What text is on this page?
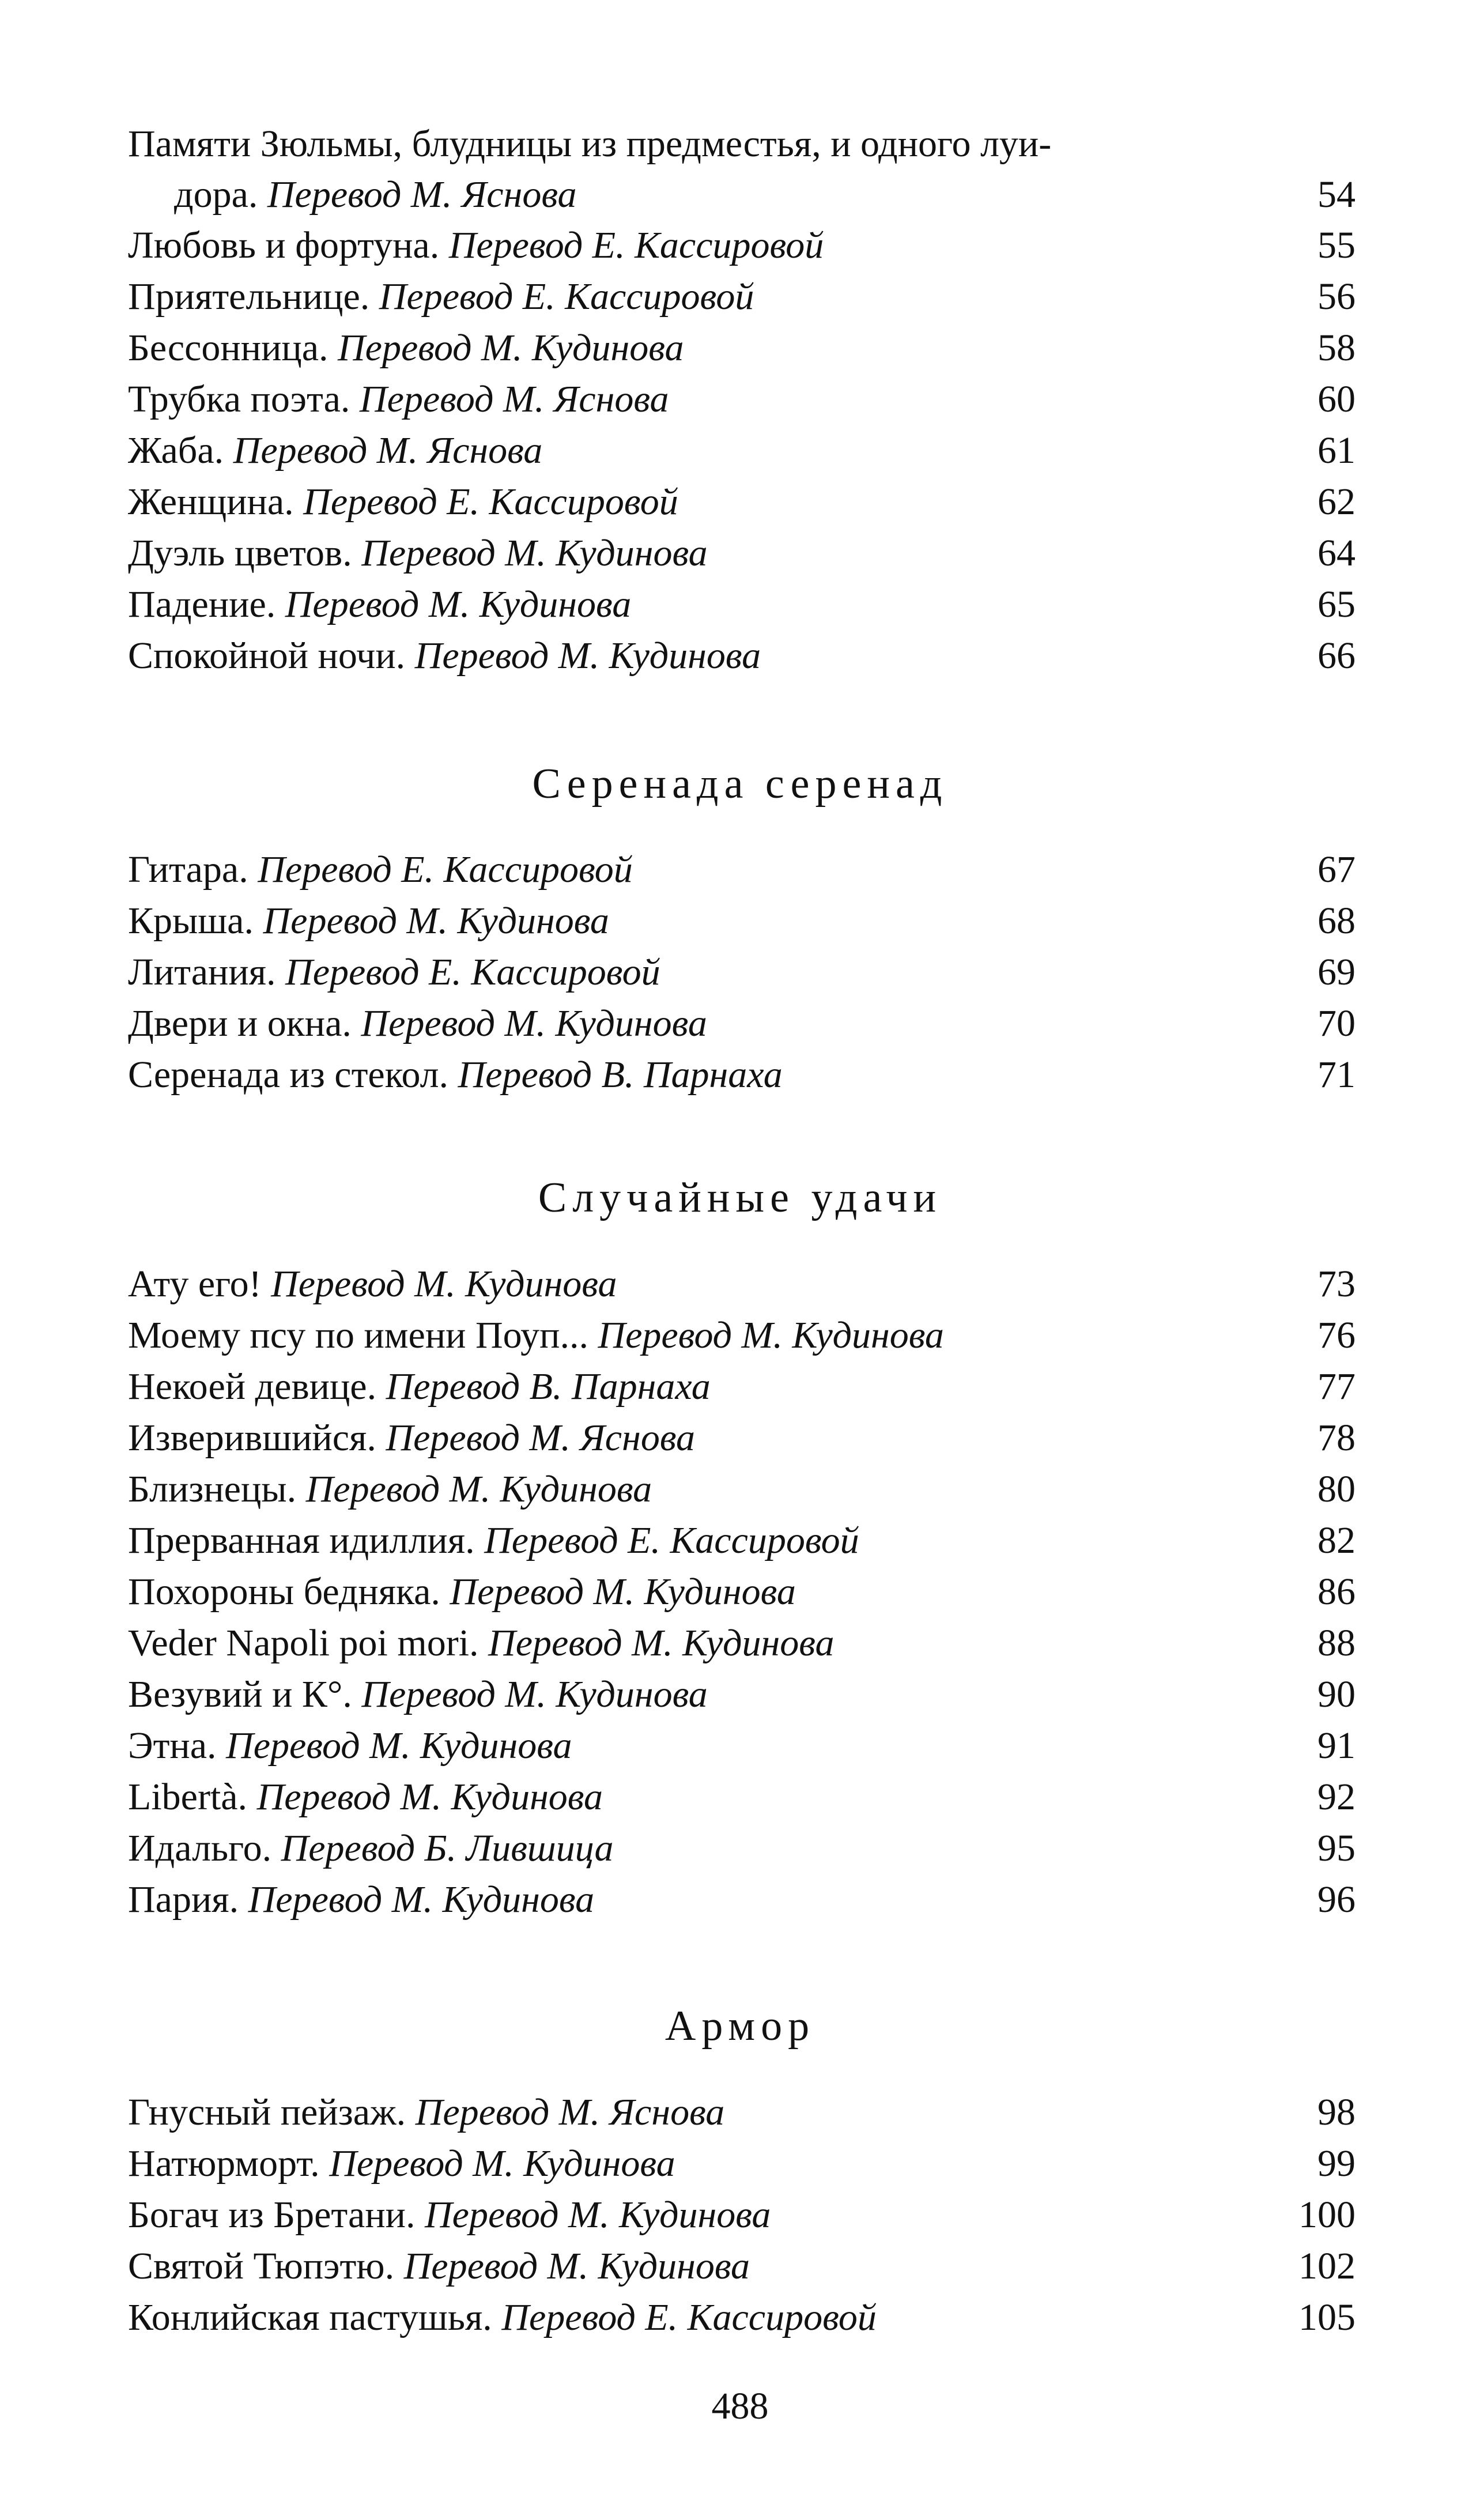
Памяти Зюльмы, блудницы из предместья, и одного луи-
дора. Перевод М. Яснова	54
Любовь и фортуна. Перевод Е. Кассировой	55
Приятельнице. Перевод Е. Кассировой	56
Бессонница. Перевод М. Кудинова	58
Трубка поэта. Перевод М. Яснова	60
Жаба. Перевод М. Яснова	61
Женщина. Перевод Е. Кассировой	62
Дуэль цветов. Перевод М. Кудинова	64
Падение. Перевод М. Кудинова	65
Спокойной ночи. Перевод М. Кудинова	66
Серенада серенад
Гитара. Перевод Е. Кассировой	67
Крыша. Перевод М. Кудинова	68
Литания. Перевод Е. Кассировой	69
Двери и окна. Перевод М. Кудинова	70
Серенада из стекол. Перевод В. Парнаха	71
Случайные удачи
Ату его! Перевод М. Кудинова	73
Моему псу по имени Поуп... Перевод М. Кудинова	76
Некоей девице. Перевод В. Парнаха	77
Изверившийся. Перевод М. Яснова	78
Близнецы. Перевод М. Кудинова	80
Прерванная идиллия. Перевод Е. Кассировой	82
Похороны бедняка. Перевод М. Кудинова	86
Veder Napoli poi mori. Перевод М. Кудинова	88
Везувий и К°. Перевод М. Кудинова	90
Этна. Перевод М. Кудинова	91
Libertà. Перевод М. Кудинова	92
Идальго. Перевод Б. Лившица	95
Пария. Перевод М. Кудинова	96
Армор
Гнусный пейзаж. Перевод М. Яснова	98
Натюрморт. Перевод М. Кудинова	99
Богач из Бретани. Перевод М. Кудинова	100
Святой Тюпэтю. Перевод М. Кудинова	102
Конлийская пастушья. Перевод Е. Кассировой	105
488
